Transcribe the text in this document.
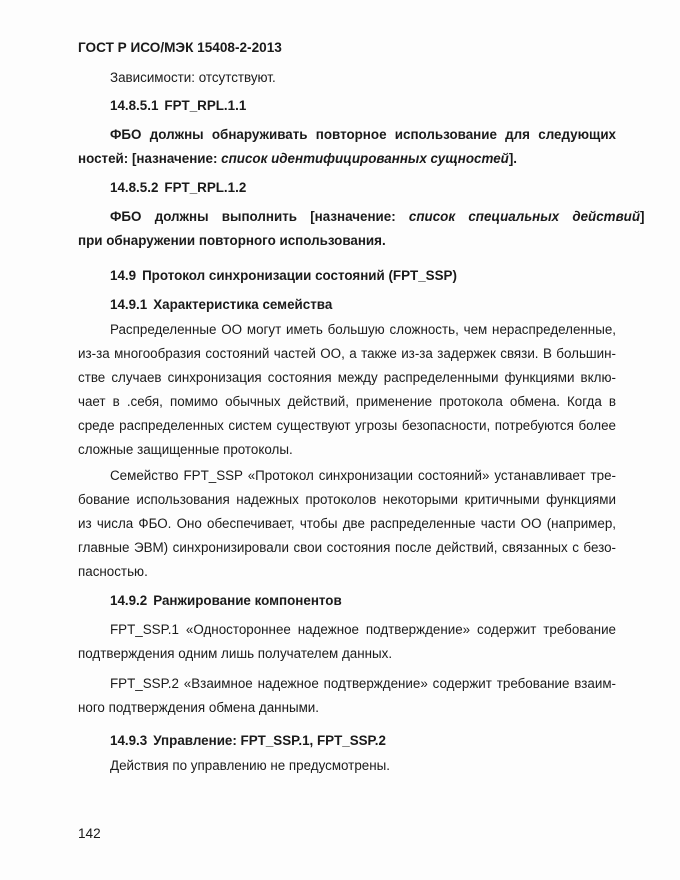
ГОСТ Р ИСО/МЭК 15408-2-2013
Зависимости: отсутствуют.
14.8.5.1 FPT_RPL.1.1
ФБО должны обнаруживать повторное использование для следующих
ностей: [назначение: список идентифицированных сущностей].
14.8.5.2 FPT_RPL.1.2
ФБО должны выполнить [назначение: список специальных действий]
при обнаружении повторного использования.
14.9 Протокол синхронизации состояний (FPT_SSP)
14.9.1 Характеристика семейства
Распределенные ОО могут иметь большую сложность, чем нераспределенные,
из-за многообразия состояний частей ОО, а также из-за задержек связи. В большин-
стве случаев синхронизация состояния между распределенными функциями вклю-
чает в .себя, помимо обычных действий, применение протокола обмена. Когда в
среде распределенных систем существуют угрозы безопасности, потребуются более
сложные защищенные протоколы.
Семейство FPT_SSP «Протокол синхронизации состояний» устанавливает тре-
бование использования надежных протоколов некоторыми критичными функциями
из числа ФБО. Оно обеспечивает, чтобы две распределенные части ОО (например,
главные ЭВМ) синхронизировали свои состояния после действий, связанных с безо-
пасностью.
14.9.2 Ранжирование компонентов
FPT_SSP.1 «Одностороннее надежное подтверждение» содержит требование
подтверждения одним лишь получателем данных.
FPT_SSP.2 «Взаимное надежное подтверждение» содержит требование взаим-
ного подтверждения обмена данными.
14.9.3 Управление: FPT_SSP.1, FPT_SSP.2
Действия по управлению не предусмотрены.
142
